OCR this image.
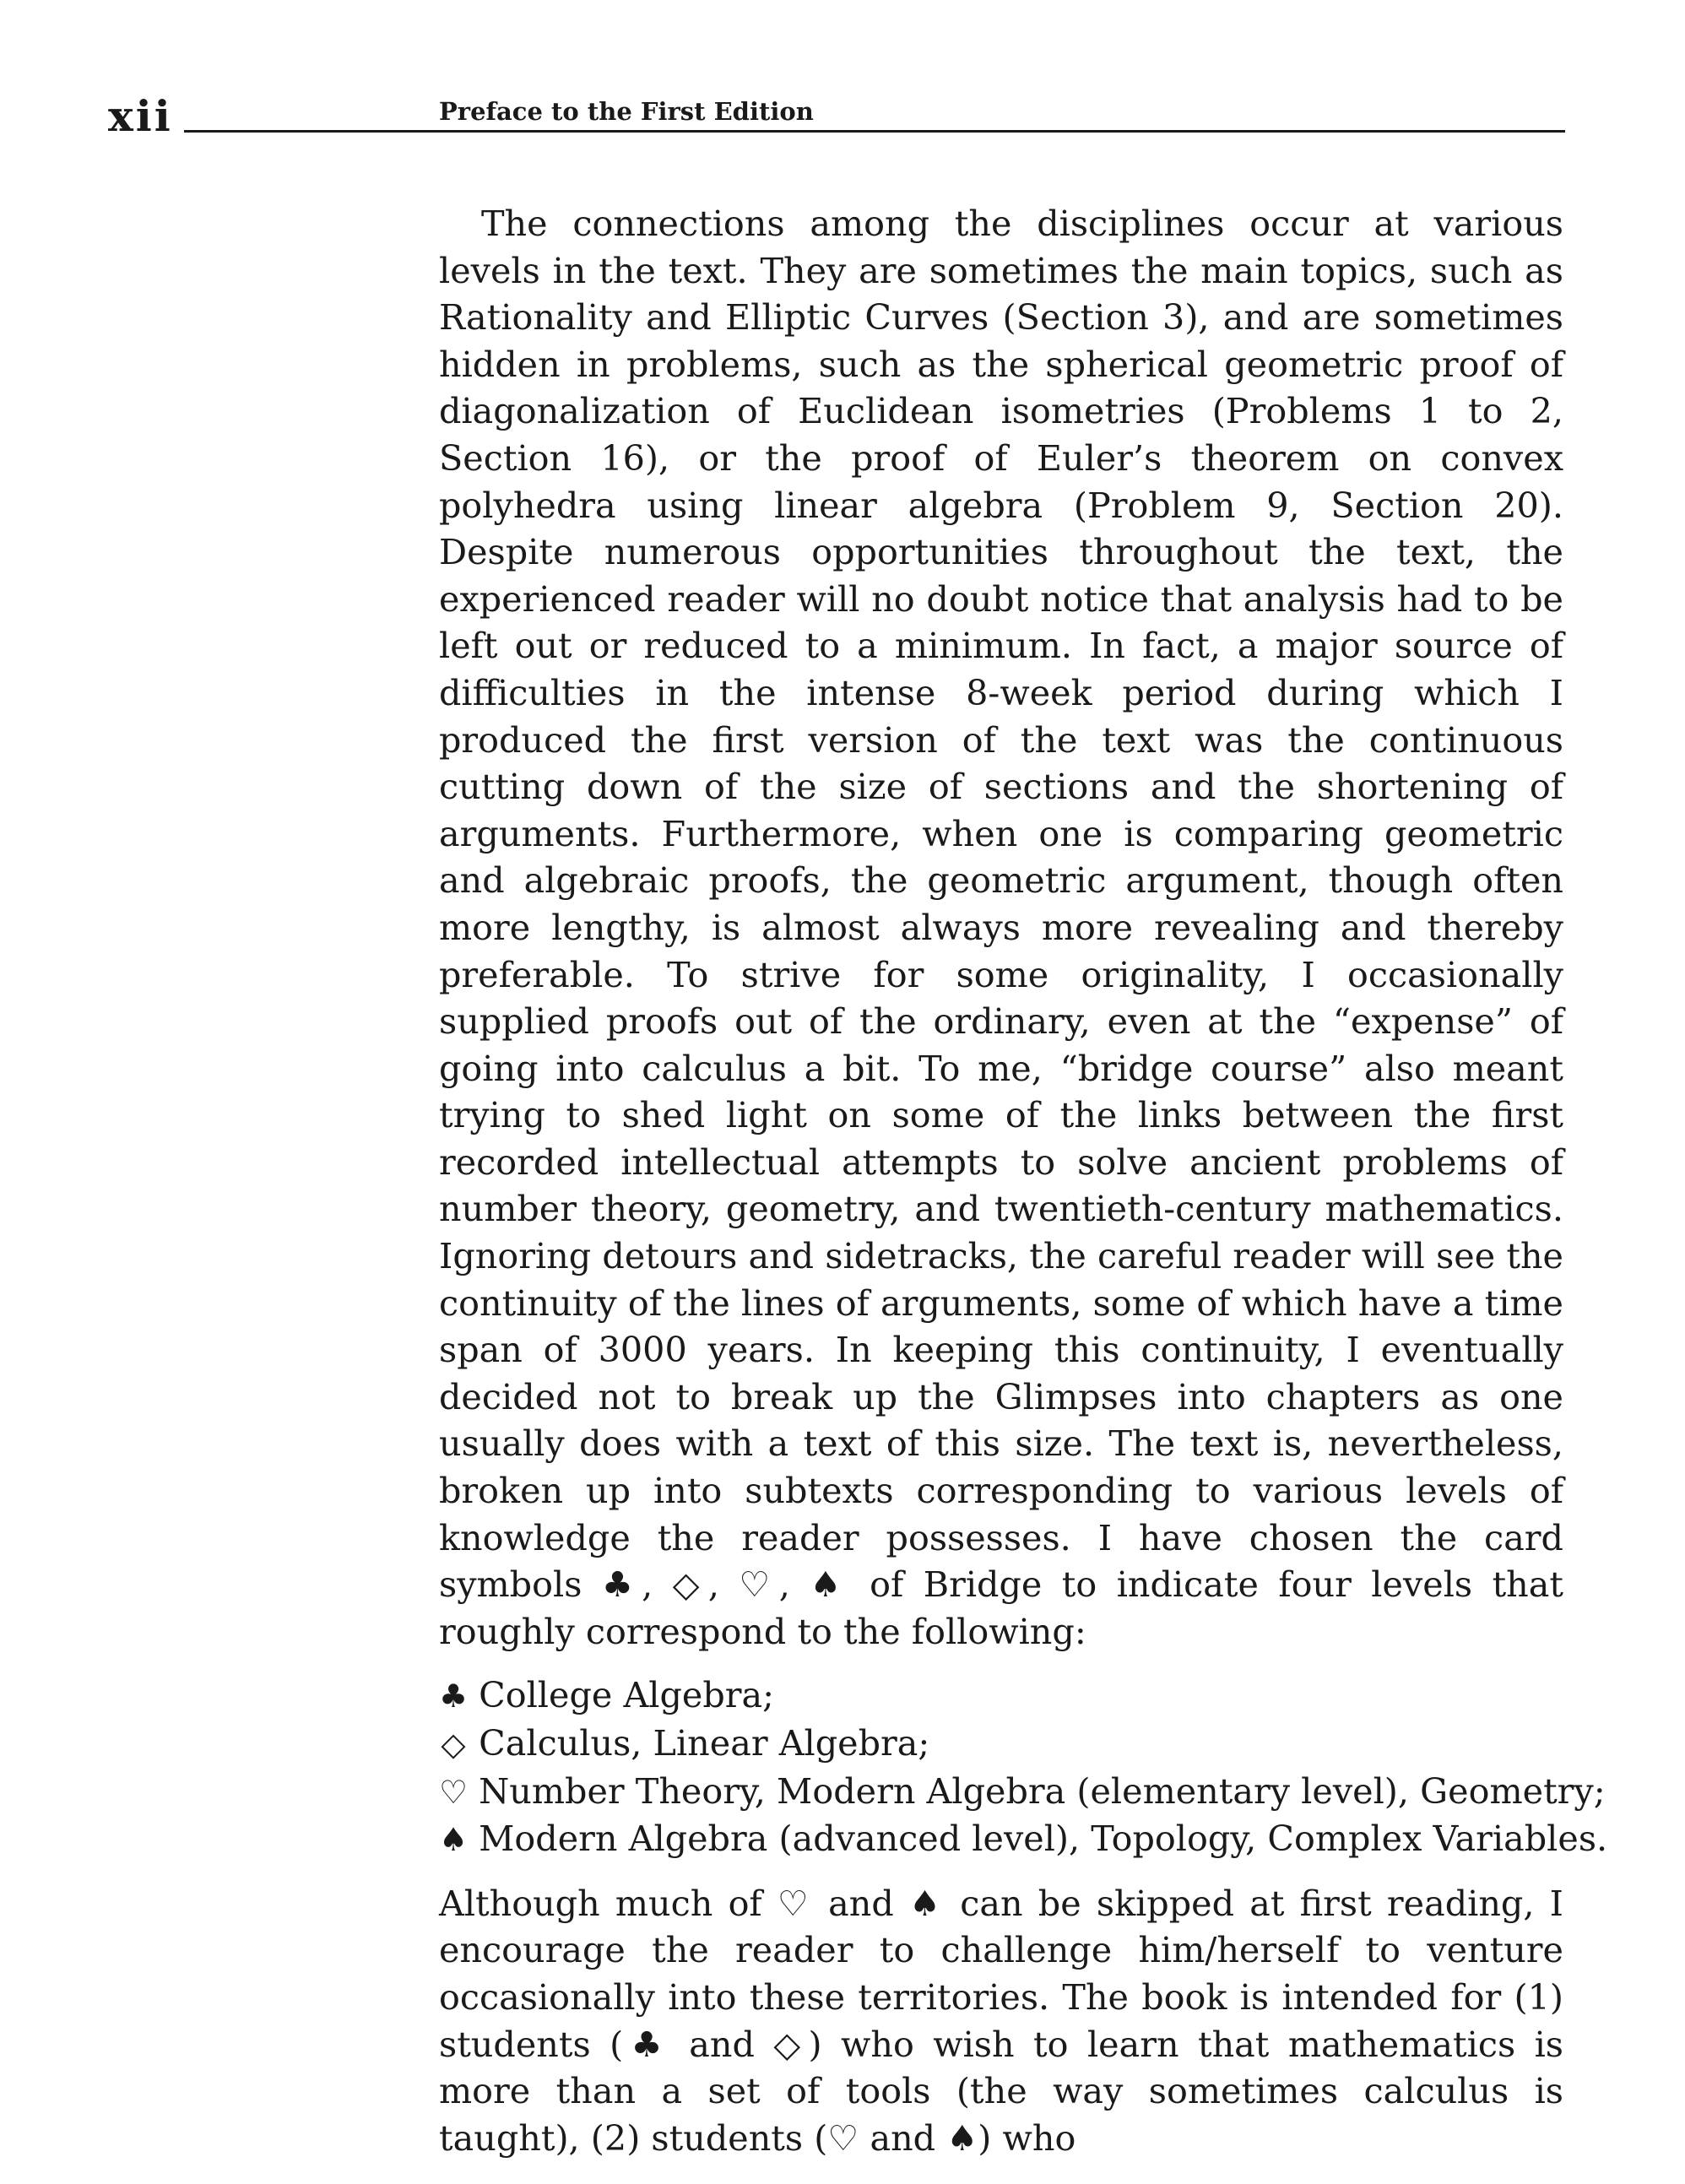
xii	Preface to the First Edition

The connections among the disciplines occur at various levels in the text. They are sometimes the main topics, such as Rationality and Elliptic Curves (Section 3), and are sometimes hidden in problems, such as the spherical geometric proof of diagonalization of Euclidean isometries (Problems 1 to 2, Section 16), or the proof of Euler’s theorem on convex polyhedra using linear algebra (Problem 9, Section 20). Despite numerous opportunities throughout the text, the experienced reader will no doubt notice that analysis had to be left out or reduced to a minimum. In fact, a major source of difficulties in the intense 8-week period during which I produced the first version of the text was the continuous cutting down of the size of sections and the shortening of arguments. Furthermore, when one is comparing geometric and algebraic proofs, the geometric argument, though often more lengthy, is almost always more revealing and thereby preferable. To strive for some originality, I occasionally supplied proofs out of the ordinary, even at the “expense” of going into calculus a bit. To me, “bridge course” also meant trying to shed light on some of the links between the first recorded intellectual attempts to solve ancient problems of number theory, geometry, and twentieth-century mathematics. Ignoring detours and sidetracks, the careful reader will see the continuity of the lines of arguments, some of which have a time span of 3000 years. In keeping this continuity, I eventually decided not to break up the Glimpses into chapters as one usually does with a text of this size. The text is, nevertheless, broken up into subtexts corresponding to various levels of knowledge the reader possesses. I have chosen the card symbols ♣, ◇, ♡, ♠ of Bridge to indicate four levels that roughly correspond to the following:

♣ College Algebra;
◇ Calculus, Linear Algebra;
♡ Number Theory, Modern Algebra (elementary level), Geometry;
♠ Modern Algebra (advanced level), Topology, Complex Variables.

Although much of ♡ and ♠ can be skipped at first reading, I encourage the reader to challenge him/herself to venture occasionally into these territories. The book is intended for (1) students (♣ and ◇) who wish to learn that mathematics is more than a set of tools (the way sometimes calculus is taught), (2) students (♡ and ♠) who
